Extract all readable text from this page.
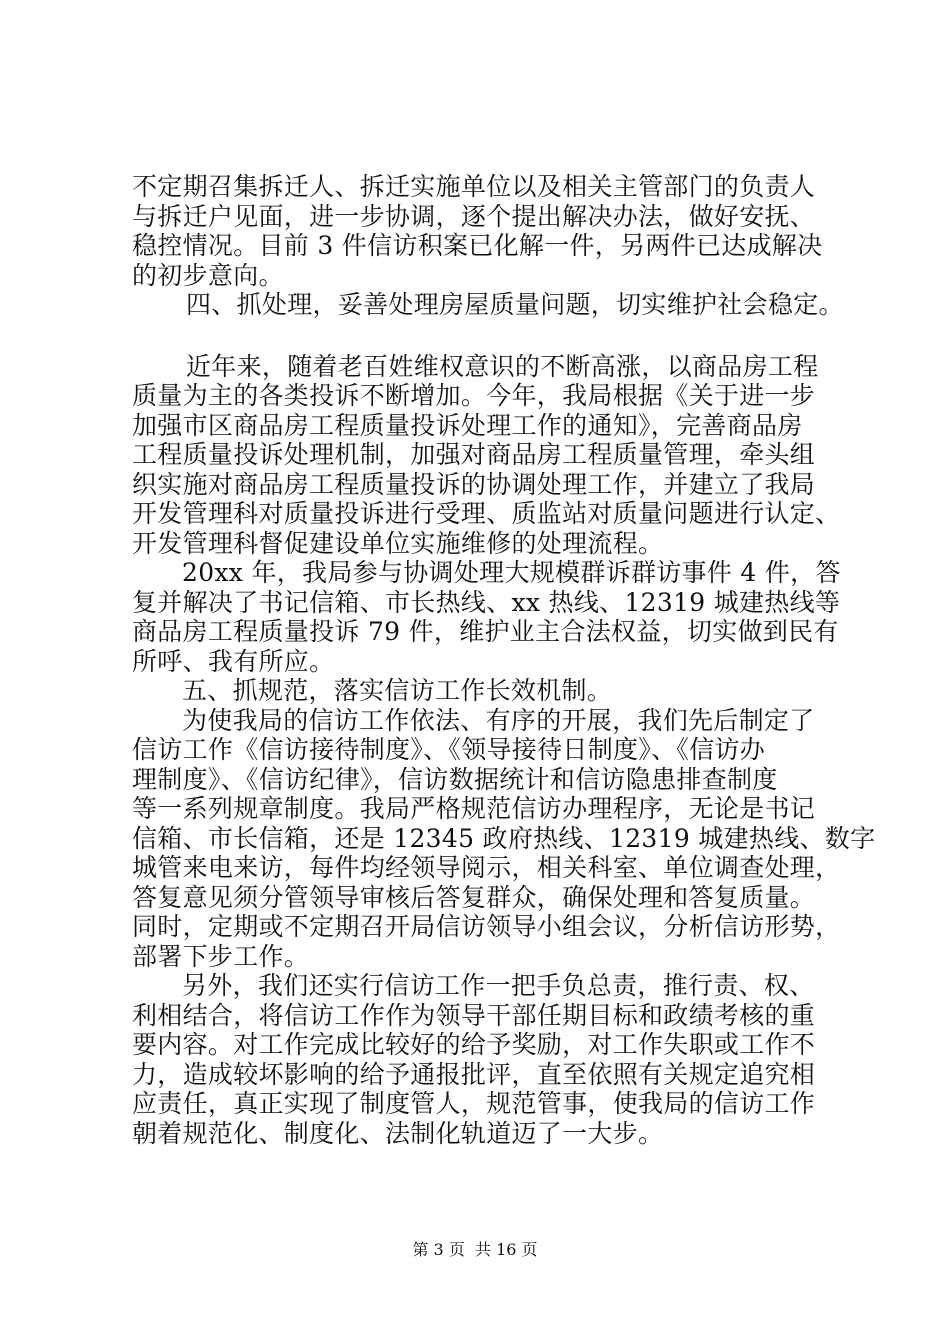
不定期召集拆迁人、拆迁实施单位以及相关主管部门的负责人
与拆迁户见面，进一步协调，逐个提出解决办法，做好安抚、
稳控情况。目前 3 件信访积案已化解一件，另两件已达成解决
的初步意向。
四、抓处理，妥善处理房屋质量问题，切实维护社会稳定。
近年来，随着老百姓维权意识的不断高涨，以商品房工程
质量为主的各类投诉不断增加。今年，我局根据《关于进一步
加强市区商品房工程质量投诉处理工作的通知》，完善商品房
工程质量投诉处理机制，加强对商品房工程质量管理，牵头组
织实施对商品房工程质量投诉的协调处理工作，并建立了我局
开发管理科对质量投诉进行受理、质监站对质量问题进行认定、
开发管理科督促建设单位实施维修的处理流程。
20xx 年，我局参与协调处理大规模群诉群访事件 4 件，答
复并解决了书记信箱、市长热线、xx 热线、12319 城建热线等
商品房工程质量投诉 79 件，维护业主合法权益，切实做到民有
所呼、我有所应。
五、抓规范，落实信访工作长效机制。
为使我局的信访工作依法、有序的开展，我们先后制定了
信访工作《信访接待制度》、《领导接待日制度》、《信访办
理制度》、《信访纪律》，信访数据统计和信访隐患排查制度
等一系列规章制度。我局严格规范信访办理程序，无论是书记
信箱、市长信箱，还是 12345 政府热线、12319 城建热线、数字
城管来电来访，每件均经领导阅示，相关科室、单位调查处理，
答复意见须分管领导审核后答复群众，确保处理和答复质量。
同时，定期或不定期召开局信访领导小组会议，分析信访形势，
部署下步工作。
另外，我们还实行信访工作一把手负总责，推行责、权、
利相结合，将信访工作作为领导干部任期目标和政绩考核的重
要内容。对工作完成比较好的给予奖励，对工作失职或工作不
力，造成较坏影响的给予通报批评，直至依照有关规定追究相
应责任，真正实现了制度管人，规范管事，使我局的信访工作
朝着规范化、制度化、法制化轨道迈了一大步。
第 3 页  共 16 页
